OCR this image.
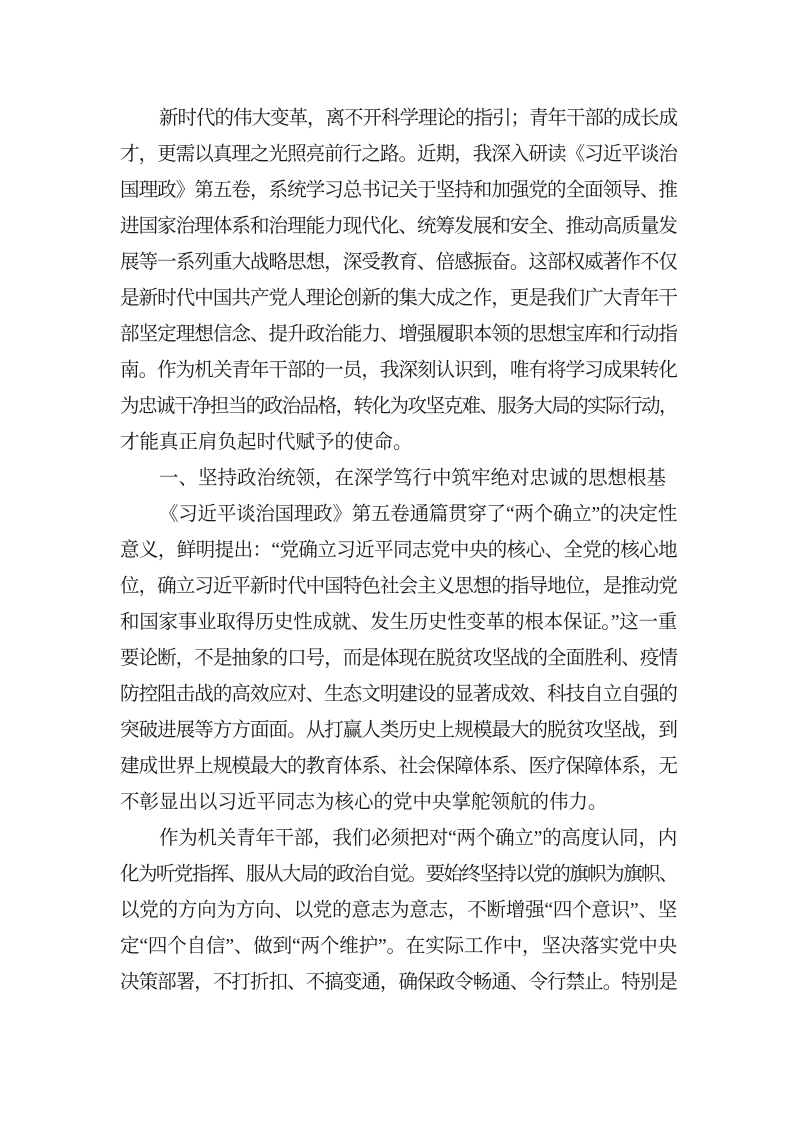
新时代的伟大变革，离不开科学理论的指引；青年干部的成长成
才，更需以真理之光照亮前行之路。近期，我深入研读《习近平谈治
国理政》第五卷，系统学习总书记关于坚持和加强党的全面领导、推
进国家治理体系和治理能力现代化、统筹发展和安全、推动高质量发
展等一系列重大战略思想，深受教育、倍感振奋。这部权威著作不仅
是新时代中国共产党人理论创新的集大成之作，更是我们广大青年干
部坚定理想信念、提升政治能力、增强履职本领的思想宝库和行动指
南。作为机关青年干部的一员，我深刻认识到，唯有将学习成果转化
为忠诚干净担当的政治品格，转化为攻坚克难、服务大局的实际行动，
才能真正肩负起时代赋予的使命。
一、坚持政治统领，在深学笃行中筑牢绝对忠诚的思想根基
《习近平谈治国理政》第五卷通篇贯穿了“两个确立”的决定性
意义，鲜明提出：“党确立习近平同志党中央的核心、全党的核心地
位，确立习近平新时代中国特色社会主义思想的指导地位，是推动党
和国家事业取得历史性成就、发生历史性变革的根本保证。”这一重
要论断，不是抽象的口号，而是体现在脱贫攻坚战的全面胜利、疫情
防控阻击战的高效应对、生态文明建设的显著成效、科技自立自强的
突破进展等方方面面。从打赢人类历史上规模最大的脱贫攻坚战，到
建成世界上规模最大的教育体系、社会保障体系、医疗保障体系，无
不彰显出以习近平同志为核心的党中央掌舵领航的伟力。
作为机关青年干部，我们必须把对“两个确立”的高度认同，内
化为听党指挥、服从大局的政治自觉。要始终坚持以党的旗帜为旗帜、
以党的方向为方向、以党的意志为意志，不断增强“四个意识”、坚
定“四个自信”、做到“两个维护”。在实际工作中，坚决落实党中央
决策部署，不打折扣、不搞变通，确保政令畅通、令行禁止。特别是
